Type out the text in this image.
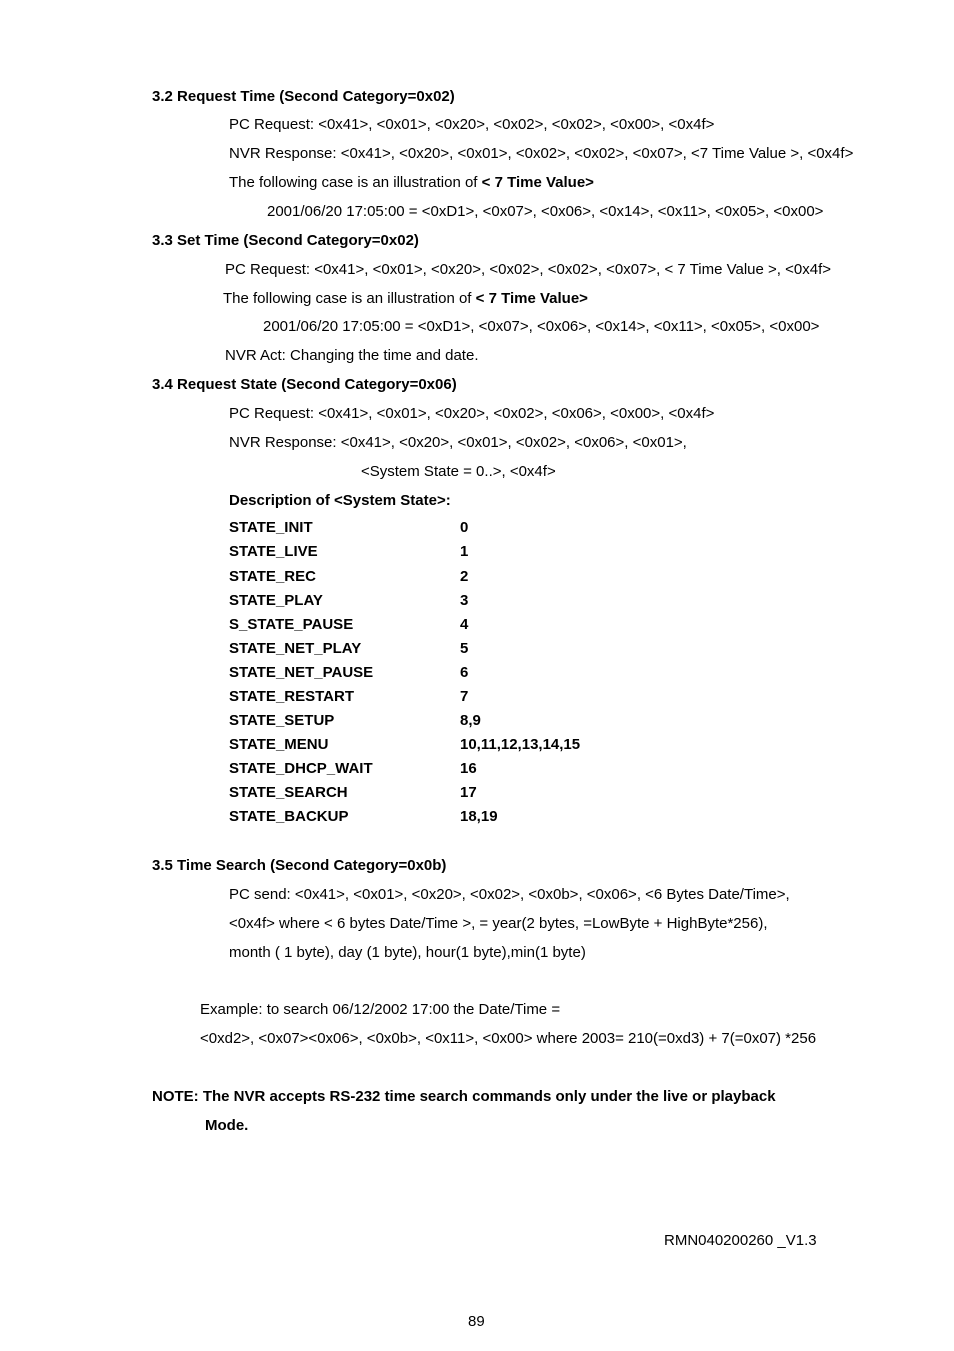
3.2 Request Time (Second Category=0x02)
PC Request: <0x41>, <0x01>, <0x20>, <0x02>, <0x02>, <0x00>, <0x4f>
NVR Response: <0x41>, <0x20>, <0x01>, <0x02>, <0x02>, <0x07>, <7 Time Value >, <0x4f>
The following case is an illustration of < 7 Time Value>
2001/06/20 17:05:00 = <0xD1>, <0x07>, <0x06>, <0x14>, <0x11>, <0x05>, <0x00>
3.3 Set Time (Second Category=0x02)
PC Request: <0x41>, <0x01>, <0x20>, <0x02>, <0x02>, <0x07>, < 7 Time Value >, <0x4f>
The following case is an illustration of < 7 Time Value>
2001/06/20 17:05:00 = <0xD1>, <0x07>, <0x06>, <0x14>, <0x11>, <0x05>, <0x00>
NVR Act: Changing the time and date.
3.4 Request State (Second Category=0x06)
PC Request: <0x41>, <0x01>, <0x20>, <0x02>, <0x06>, <0x00>, <0x4f>
NVR Response: <0x41>, <0x20>, <0x01>, <0x02>, <0x06>, <0x01>,
<System State = 0..>, <0x4f>
Description of <System State>:
STATE_INIT	0
STATE_LIVE	1
STATE_REC	2
STATE_PLAY	3
S_STATE_PAUSE	4
STATE_NET_PLAY	5
STATE_NET_PAUSE	6
STATE_RESTART	7
STATE_SETUP	8,9
STATE_MENU	10,11,12,13,14,15
STATE_DHCP_WAIT	16
STATE_SEARCH	17
STATE_BACKUP	18,19
3.5 Time Search (Second Category=0x0b)
PC send: <0x41>, <0x01>, <0x20>, <0x02>, <0x0b>, <0x06>, <6 Bytes Date/Time>,
<0x4f> where < 6 bytes Date/Time >, = year(2 bytes, =LowByte + HighByte*256),
month ( 1 byte), day (1 byte), hour(1 byte),min(1 byte)
Example: to search 06/12/2002 17:00 the Date/Time =
<0xd2>, <0x07><0x06>, <0x0b>, <0x11>, <0x00> where 2003= 210(=0xd3) + 7(=0x07) *256
NOTE: The NVR accepts RS-232 time search commands only under the live or playback
Mode.
RMN040200260 _V1.3
89
